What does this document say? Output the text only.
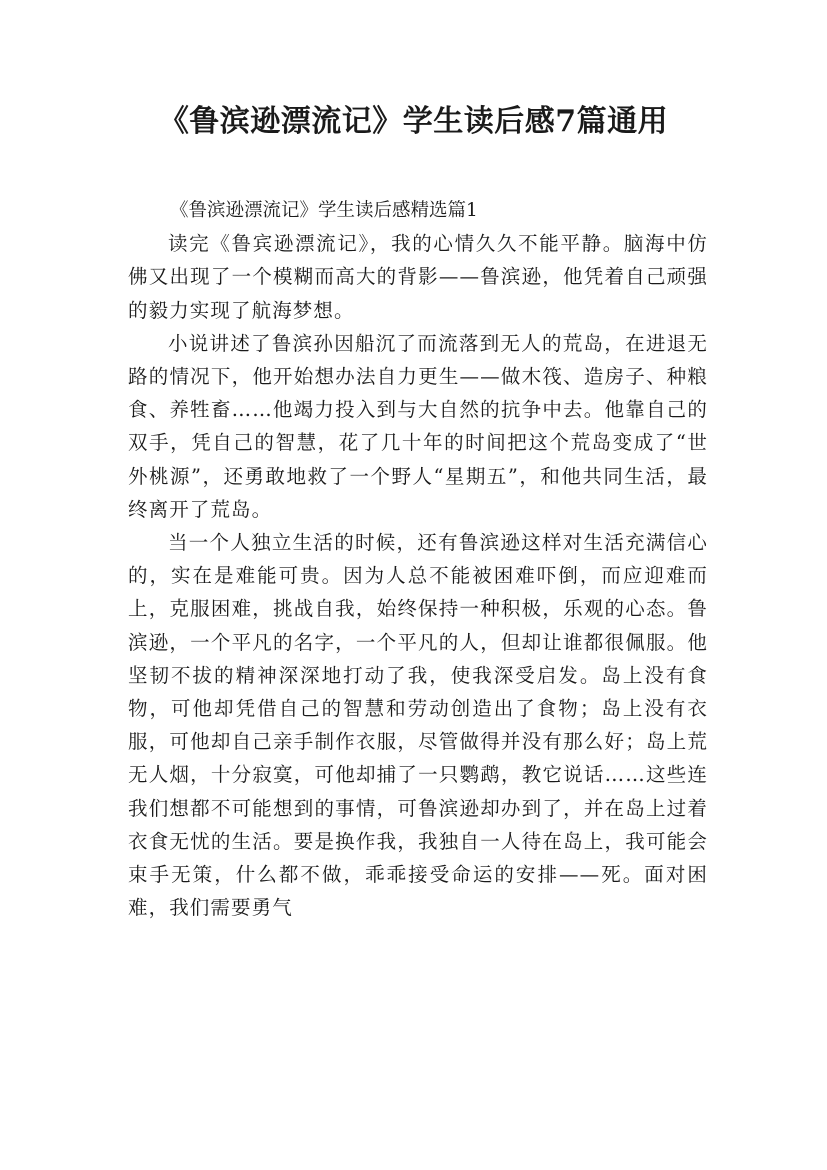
《鲁滨逊漂流记》学生读后感7篇通用

《鲁滨逊漂流记》学生读后感精选篇1

读完《鲁宾逊漂流记》，我的心情久久不能平静。脑海中仿佛又出现了一个模糊而高大的背影——鲁滨逊，他凭着自己顽强的毅力实现了航海梦想。

小说讲述了鲁滨孙因船沉了而流落到无人的荒岛，在进退无路的情况下，他开始想办法自力更生——做木筏、造房子、种粮食、养牲畜……他竭力投入到与大自然的抗争中去。他靠自己的双手，凭自己的智慧，花了几十年的时间把这个荒岛变成了“世外桃源”，还勇敢地救了一个野人“星期五”，和他共同生活，最终离开了荒岛。

当一个人独立生活的时候，还有鲁滨逊这样对生活充满信心的，实在是难能可贵。因为人总不能被困难吓倒，而应迎难而上，克服困难，挑战自我，始终保持一种积极，乐观的心态。鲁滨逊，一个平凡的名字，一个平凡的人，但却让谁都很佩服。他坚韧不拔的精神深深地打动了我，使我深受启发。岛上没有食物，可他却凭借自己的智慧和劳动创造出了食物；岛上没有衣服，可他却自己亲手制作衣服，尽管做得并没有那么好；岛上荒无人烟，十分寂寞，可他却捕了一只鹦鹉，教它说话……这些连我们想都不可能想到的事情，可鲁滨逊却办到了，并在岛上过着衣食无忧的生活。要是换作我，我独自一人待在岛上，我可能会束手无策，什么都不做，乖乖接受命运的安排——死。面对困难，我们需要勇气
